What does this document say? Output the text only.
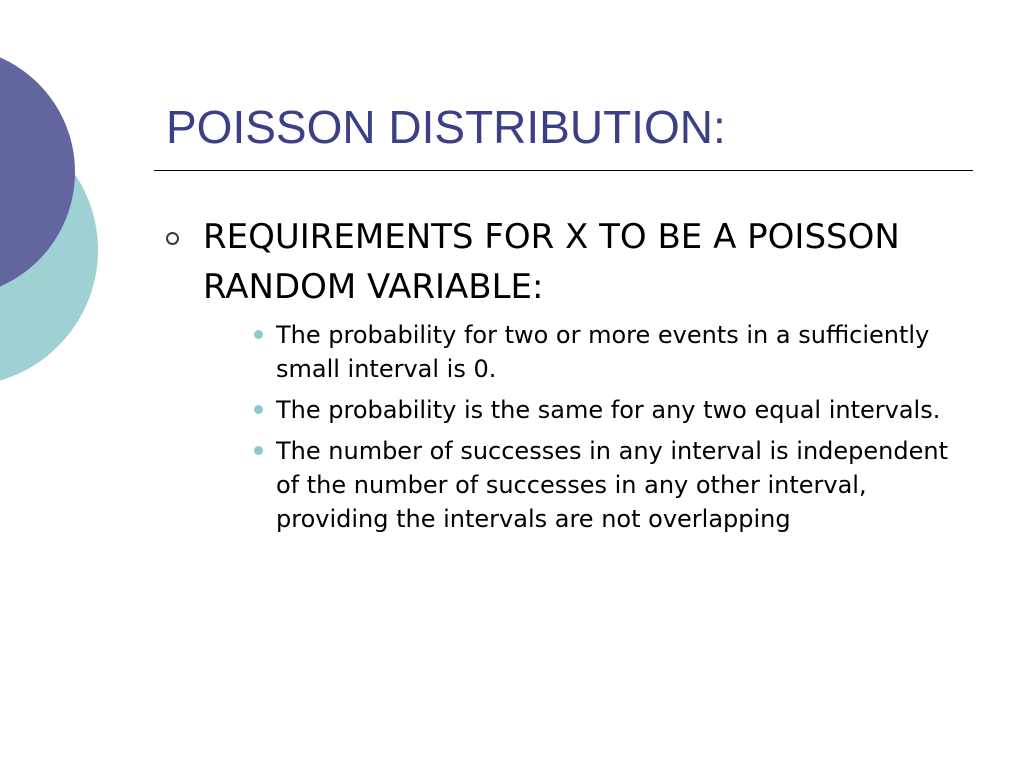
POISSON DISTRIBUTION:
REQUIREMENTS FOR X TO BE A POISSON RANDOM VARIABLE:
The probability for two or more events in a sufficiently small interval is 0.
The probability is the same for any two equal intervals.
The number of successes in any interval is independent of the number of successes in any other interval, providing the intervals are not overlapping
